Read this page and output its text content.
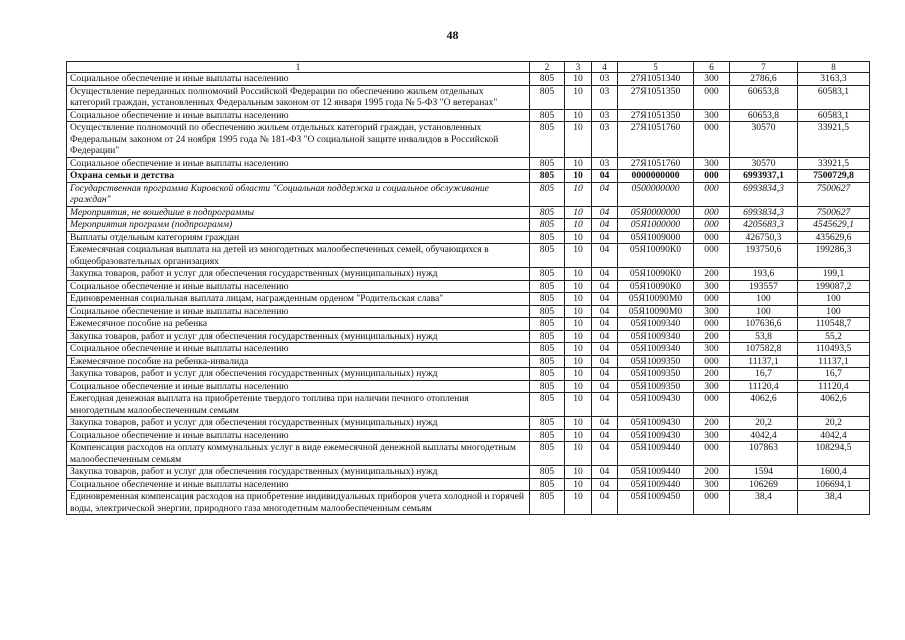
48
1	2	3	4	5	6	7	8
Социальное обеспечение и иные выплаты населению	805	10	03	27Я1051340	300	2786,6	3163,3
Осуществление переданных полномочий Российской Федерации по обеспечению жильем отдельных категорий граждан, установленных Федеральным законом от 12 января 1995 года № 5-ФЗ "О ветеранах"	805	10	03	27Я1051350	000	60653,8	60583,1
Социальное обеспечение и иные выплаты населению	805	10	03	27Я1051350	300	60653,8	60583,1
Осуществление полномочий по обеспечению жильем отдельных категорий граждан, установленных Федеральным законом от 24 ноября 1995 года № 181-ФЗ "О социальной защите инвалидов в Российской Федерации"	805	10	03	27Я1051760	000	30570	33921,5
Социальное обеспечение и иные выплаты населению	805	10	03	27Я1051760	300	30570	33921,5
Охрана семьи и детства	805	10	04	0000000000	000	6993937,1	7500729,8
Государственная программа Кировской области "Социальная поддержка и социальное обслуживание граждан"	805	10	04	0500000000	000	6993834,3	7500627
Мероприятия, не вошедшие в подпрограммы	805	10	04	05Я0000000	000	6993834,3	7500627
Мероприятия программ (подпрограмм)	805	10	04	05Я1000000	000	4205683,3	4545629,1
Выплаты отдельным категориям граждан	805	10	04	05Я1009000	000	426750,3	435629,6
Ежемесячная социальная выплата на детей из многодетных малообеспеченных семей, обучающихся в общеобразовательных организациях	805	10	04	05Я10090К0	000	193750,6	199286,3
Закупка товаров, работ и услуг для обеспечения государственных (муниципальных) нужд	805	10	04	05Я10090К0	200	193,6	199,1
Социальное обеспечение и иные выплаты населению	805	10	04	05Я10090К0	300	193557	199087,2
Единовременная социальная выплата лицам, награжденным орденом "Родительская слава"	805	10	04	05Я10090М0	000	100	100
Социальное обеспечение и иные выплаты населению	805	10	04	05Я10090М0	300	100	100
Ежемесячное пособие на ребенка	805	10	04	05Я1009340	000	107636,6	110548,7
Закупка товаров, работ и услуг для обеспечения государственных (муниципальных) нужд	805	10	04	05Я1009340	200	53,8	55,2
Социальное обеспечение и иные выплаты населению	805	10	04	05Я1009340	300	107582,8	110493,5
Ежемесячное пособие на ребенка-инвалида	805	10	04	05Я1009350	000	11137,1	11137,1
Закупка товаров, работ и услуг для обеспечения государственных (муниципальных) нужд	805	10	04	05Я1009350	200	16,7	16,7
Социальное обеспечение и иные выплаты населению	805	10	04	05Я1009350	300	11120,4	11120,4
Ежегодная денежная выплата на приобретение твердого топлива при наличии печного отопления многодетным малообеспеченным семьям	805	10	04	05Я1009430	000	4062,6	4062,6
Закупка товаров, работ и услуг для обеспечения государственных (муниципальных) нужд	805	10	04	05Я1009430	200	20,2	20,2
Социальное обеспечение и иные выплаты населению	805	10	04	05Я1009430	300	4042,4	4042,4
Компенсация расходов на оплату коммунальных услуг в виде ежемесячной денежной выплаты многодетным малообеспеченным семьям	805	10	04	05Я1009440	000	107863	108294,5
Закупка товаров, работ и услуг для обеспечения государственных (муниципальных) нужд	805	10	04	05Я1009440	200	1594	1600,4
Социальное обеспечение и иные выплаты населению	805	10	04	05Я1009440	300	106269	106694,1
Единовременная компенсация расходов на приобретение индивидуальных приборов учета холодной и горячей воды, электрической энергии, природного газа многодетным малообеспеченным семьям	805	10	04	05Я1009450	000	38,4	38,4
